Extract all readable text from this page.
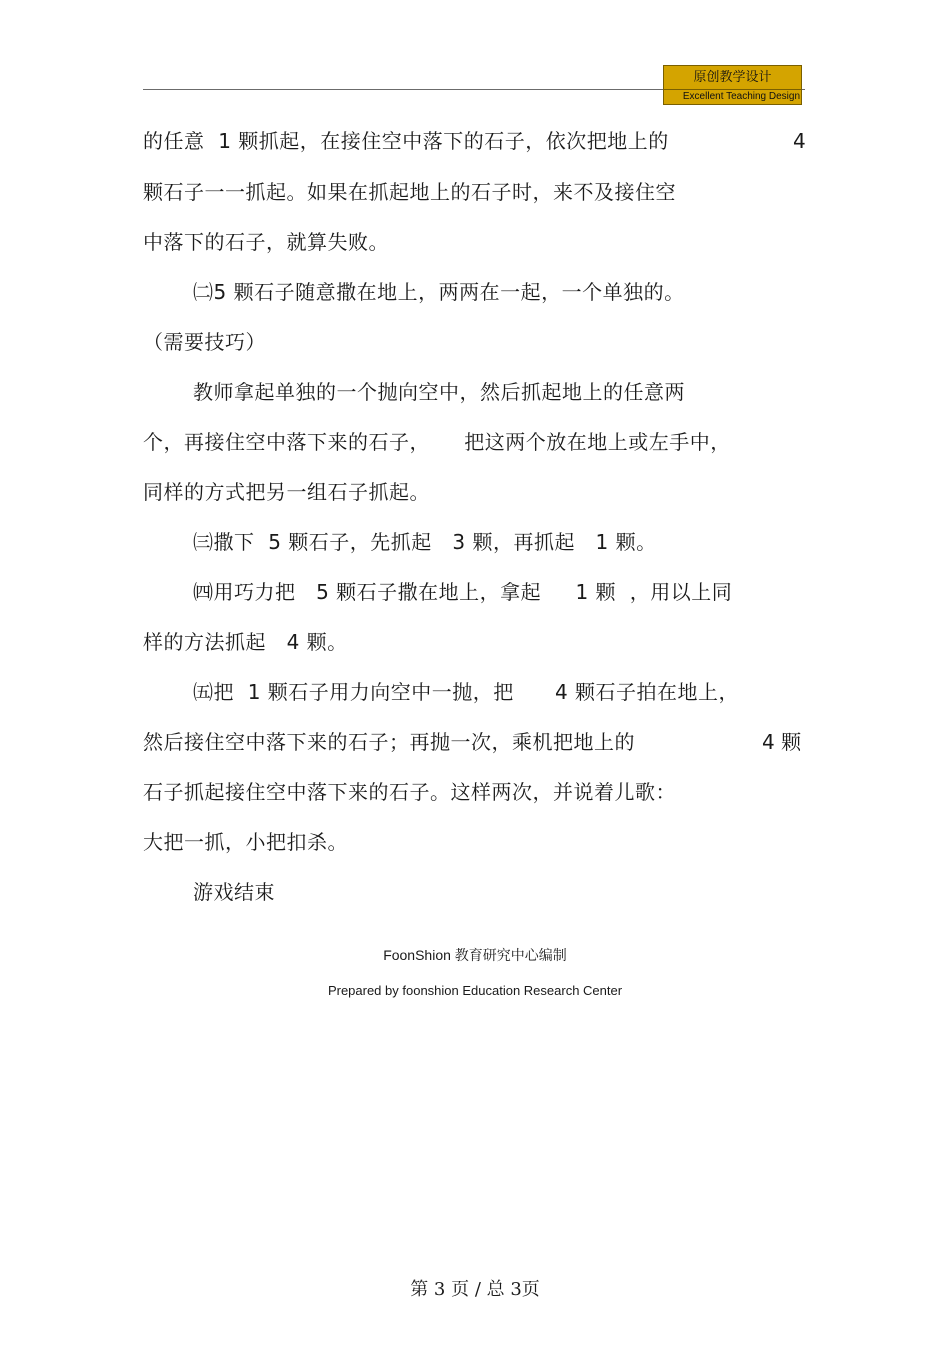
原创教学设计
Excellent Teaching Design
的任意  1 颗抓起，在接住空中落下的石子，依次把地上的	4
颗石子一一抓起。如果在抓起地上的石子时，来不及接住空
中落下的石子，就算失败。
㈡5 颗石子随意撒在地上，两两在一起，一个单独的。
（需要技巧）
教师拿起单独的一个抛向空中，然后抓起地上的任意两
个，再接住空中落下来的石子，     把这两个放在地上或左手中，
同样的方式把另一组石子抓起。
㈢撒下  5 颗石子，先抓起   3 颗，再抓起   1 颗。
㈣用巧力把   5 颗石子撒在地上，拿起     1 颗  ，用以上同
样的方法抓起   4 颗。
㈤把  1 颗石子用力向空中一抛，把      4 颗石子拍在地上，
然后接住空中落下来的石子；再抛一次，乘机把地上的	4 颗
石子抓起接住空中落下来的石子。这样两次，并说着儿歌：
大把一抓，小把扣杀。
游戏结束
FoonShion 教育研究中心编制
Prepared by foonshion Education Research Center
第 3 页 / 总 3页
